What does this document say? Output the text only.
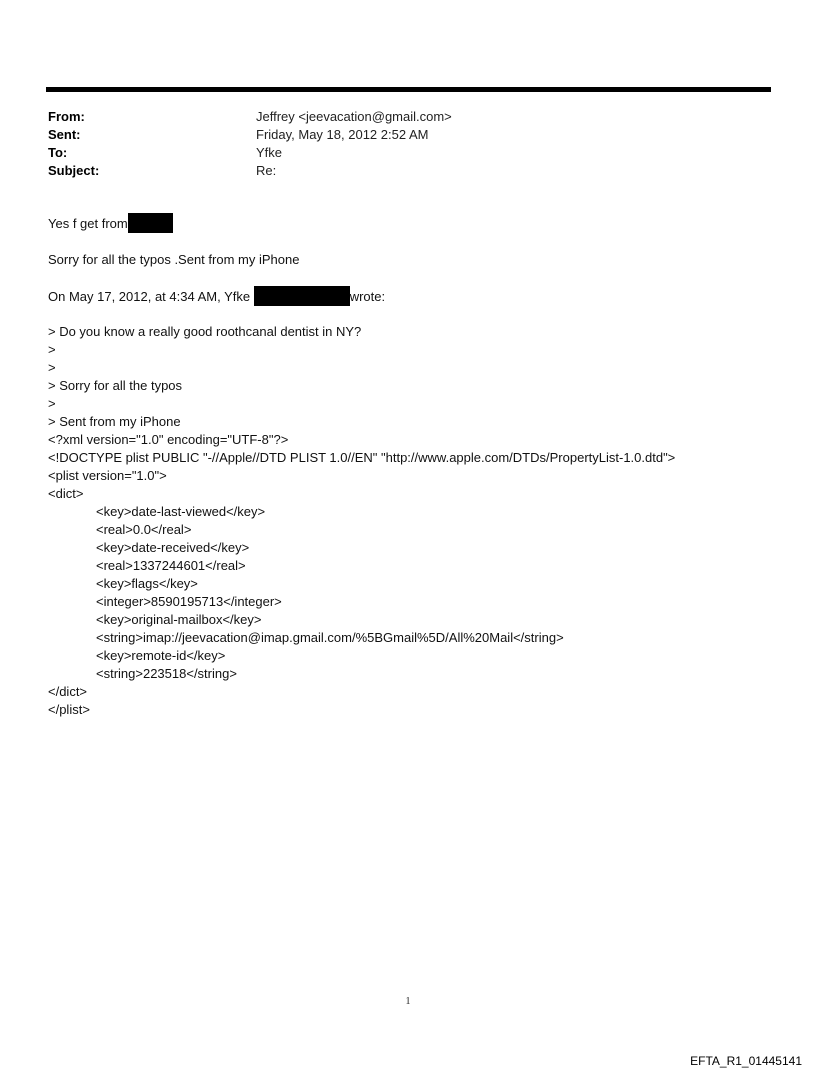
From:	Jeffrey <jeevacation@gmail.com>
Sent:	Friday, May 18, 2012 2:52 AM
To:	Yfke
Subject:	Re:

Yes f get from

Sorry for all the typos .Sent from my iPhone

On May 17, 2012, at 4:34 AM, Yfke	wrote:

> Do you know a really good roothcanal dentist in NY?

>

>

> Sorry for all the typos

>

> Sent from my iPhone

<?xml version="1.0" encoding="UTF-8"?>

<!DOCTYPE plist PUBLIC "-//Apple//DTD PLIST 1.0//EN" "http://www.apple.com/DTDs/PropertyList-1.0.dtd">

<plist version="1.0">

<dict>

<key>date-last-viewed</key>

<real>0.0</real>

<key>date-received</key>

<real>1337244601</real>

<key>flags</key>

<integer>8590195713</integer>

<key>original-mailbox</key>

<string>imap://jeevacation@imap.gmail.com/%5BGmail%5D/All%20Mail</string>

<key>remote-id</key>

<string>223518</string>

</dict>

</plist>

1
EFTA_R1_01445141
